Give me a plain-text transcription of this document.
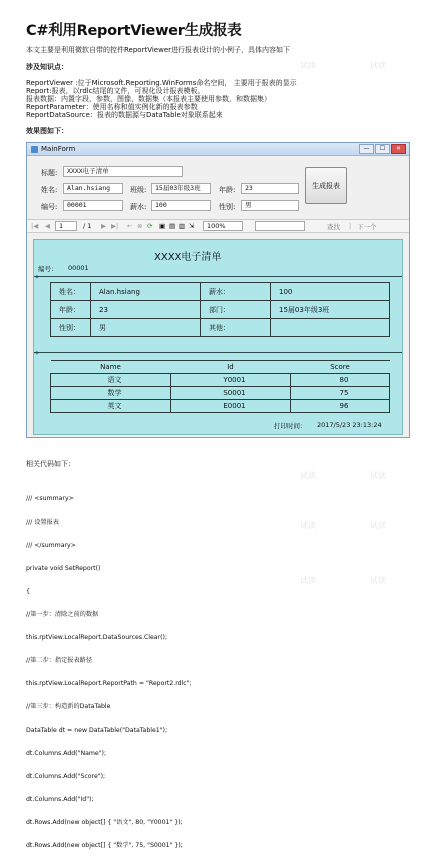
试读	试读
试读	试读
试读	试读
试读	试读
C#利用ReportViewer生成报表
本文主要是利用微软自带的控件ReportViewer进行报表设计的小例子，具体内容如下
涉及知识点：
ReportViewer :位于Microsoft.Reporting.WinForms命名空间， 主要用于报表的显示
Report:报表，以rdlc结尾的文件，可视化设计报表模板。
报表数据：内置字段，参数，图像，数据集（本报表主要使用参数，和数据集）
ReportParameter：使用名称和值实例化新的报表参数
ReportDataSource：报表的数据源与DataTable对象联系起来
效果图如下：
MainForm	—	☐	✕
标题:	XXXX电子清单
姓名:	Alan.hsiang	班级:	15届03年级3班	年龄:	23
编号:	00001	薪水:	100	性别:	男
生成报表
|◀ ◀	1	/ 1 ▶ ▶| ← ⊗ ⟳ ▣ ▤ ▥ ⇲	100%	查找 | 下一个
XXXX电子清单
编号： 00001
◈
姓名：	Alan.hsiang	薪水：	100
年龄：	23	部门：	15届03年级3班
性别：	男	其他：	
◈
Name	Id	Score
语文	Y0001	80
数学	S0001	75
英文	E0001	96
打印时间： 2017/5/23 23:13:24
相关代码如下：

/// <summary>

/// 设置报表

/// </summary>

private void SetReport()

{

//第一步：清除之前的数据

this.rptView.LocalReport.DataSources.Clear();

//第二步：指定报表路径

this.rptView.LocalReport.ReportPath = "Report2.rdlc";

//第三步：构造新的DataTable

DataTable dt = new DataTable("DataTable1");

dt.Columns.Add("Name");

dt.Columns.Add("Score");

dt.Columns.Add("Id");

dt.Rows.Add(new object[] { "语文", 80, "Y0001" });

dt.Rows.Add(new object[] { "数学", 75, "S0001" });
